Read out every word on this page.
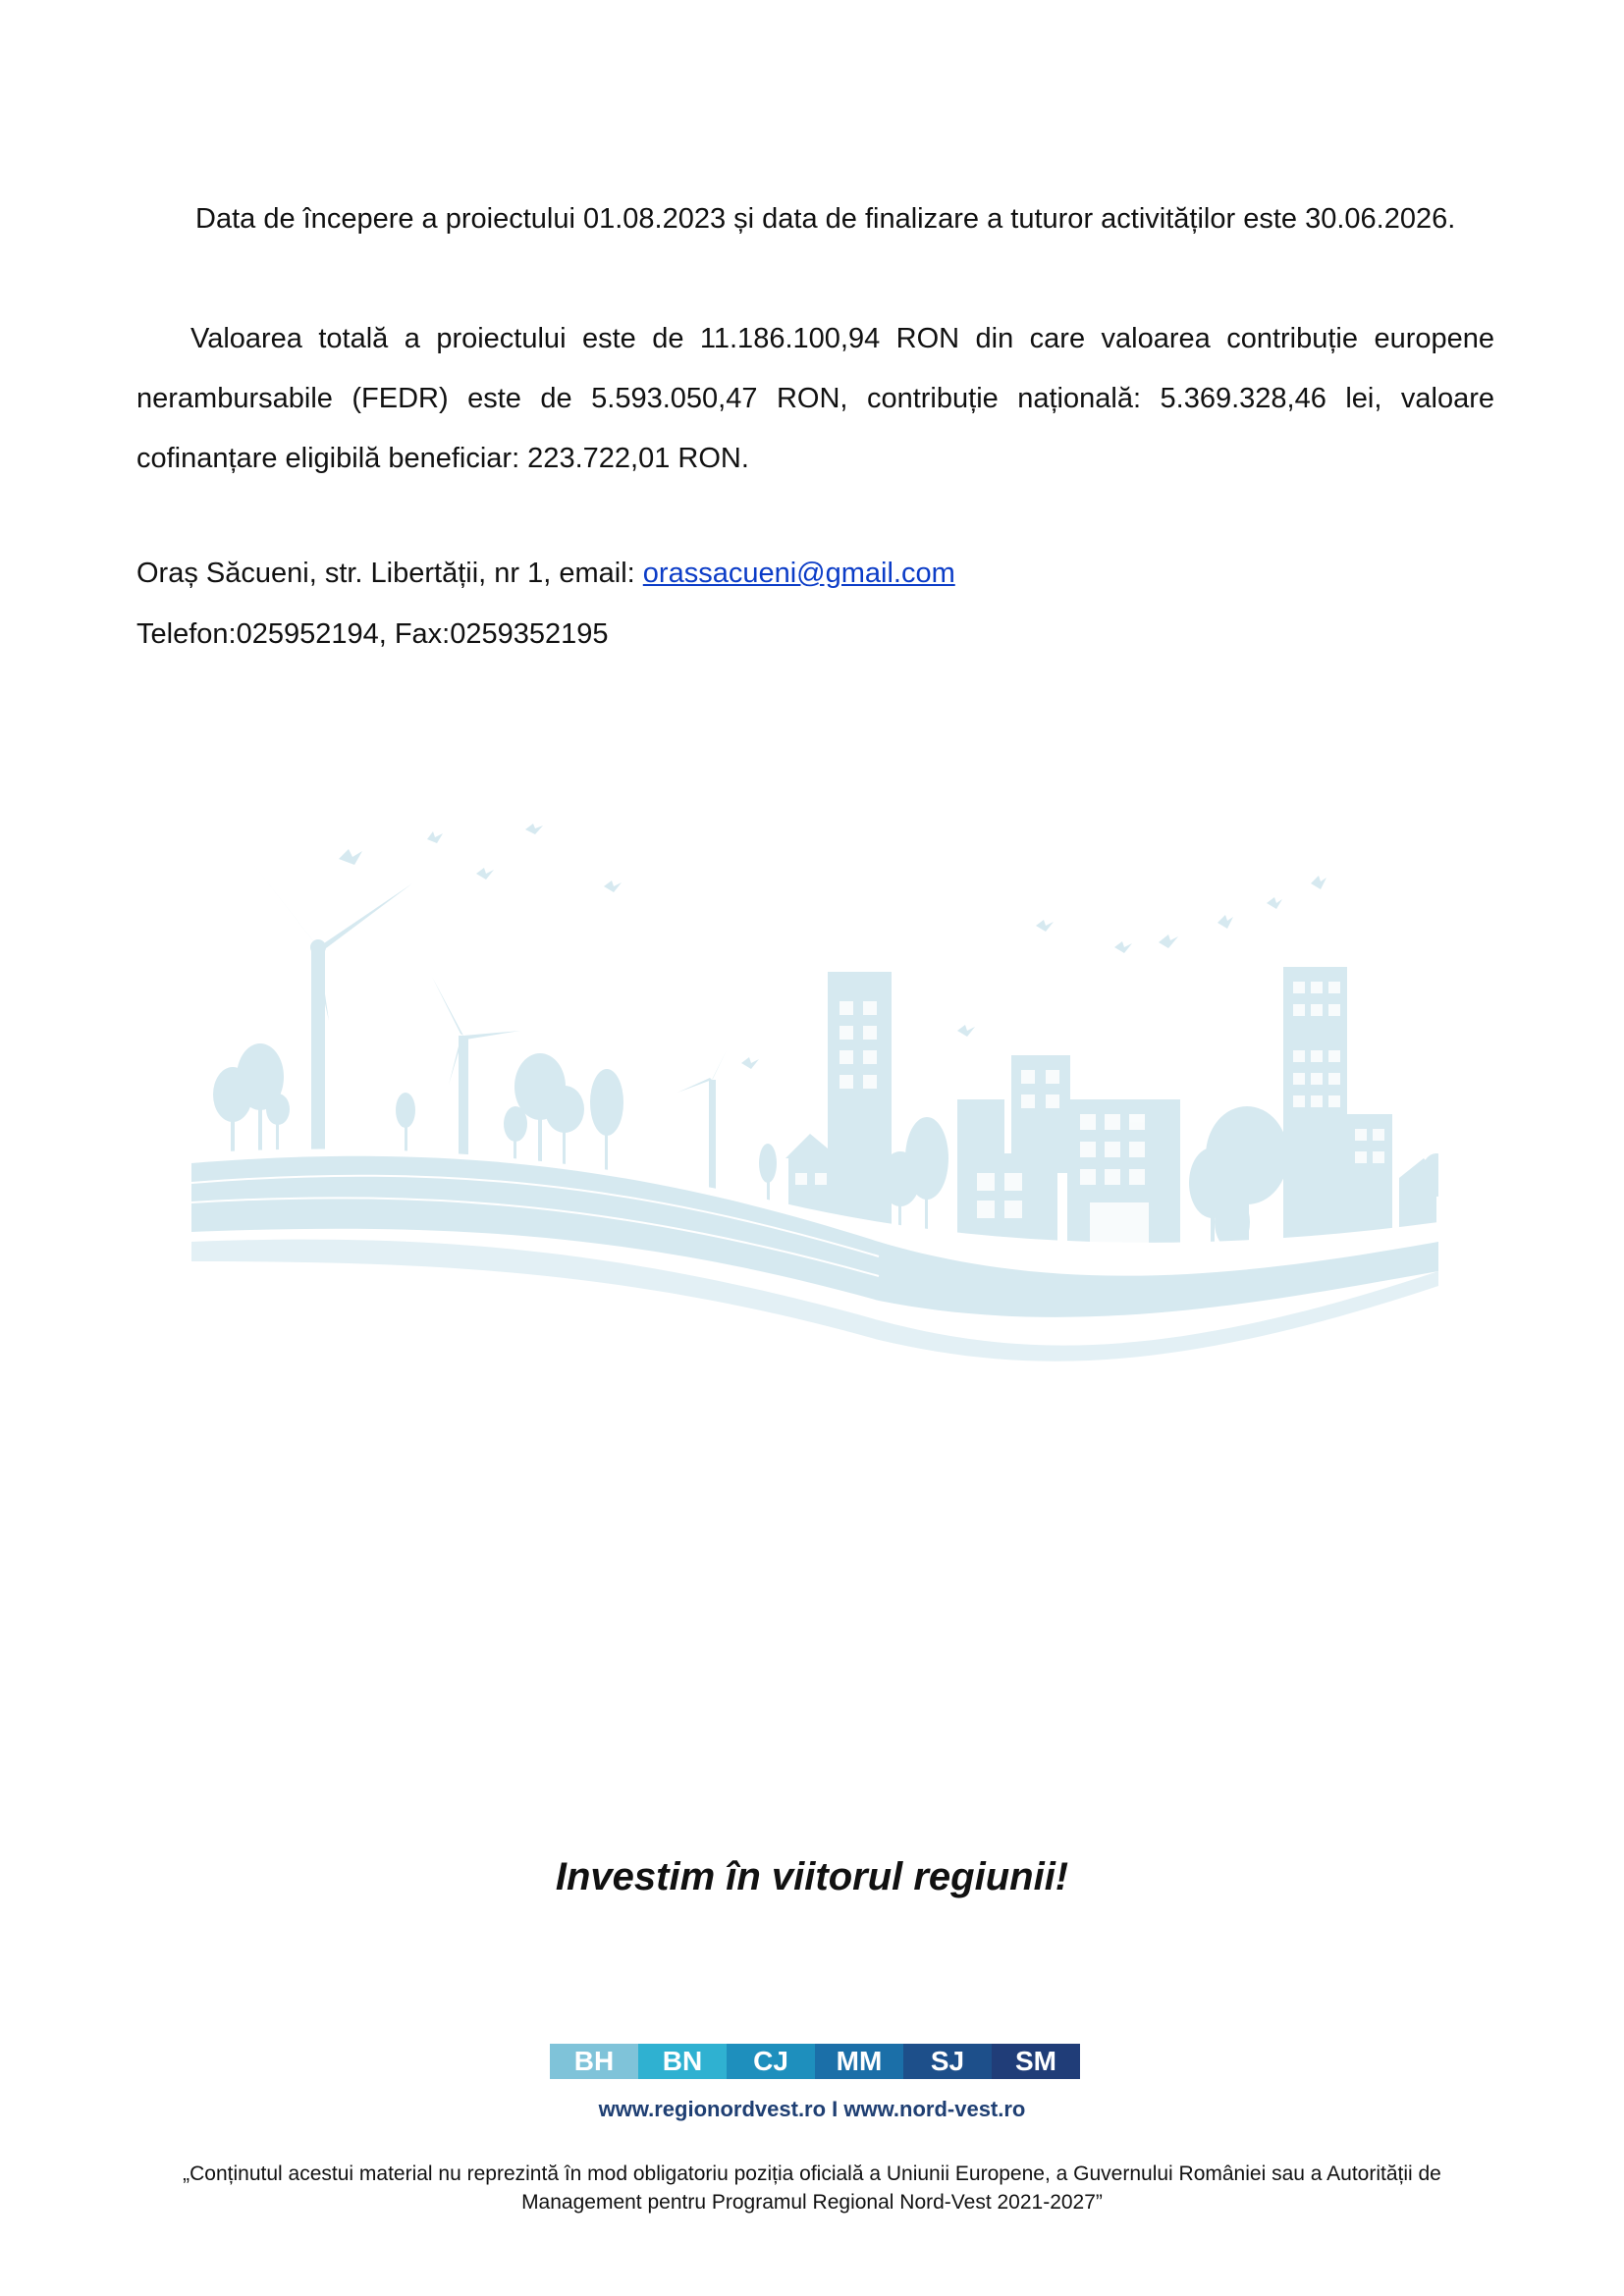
Data de începere a proiectului 01.08.2023 și data de finalizare a tuturor activităților este 30.06.2026.

Valoarea totală a proiectului este de 11.186.100,94 RON din care valoarea contribuție europene nerambursabile (FEDR) este de 5.593.050,47 RON, contribuție națională: 5.369.328,46 lei, valoare cofinanțare eligibilă beneficiar: 223.722,01 RON.

Oraș Săcueni, str. Libertății, nr 1, email: orassacueni@gmail.com

Telefon:025952194, Fax:0259352195

Investim în viitorul regiunii!

BH	BN	CJ	MM	SJ	SM

www.regionordvest.ro I www.nord-vest.ro

„Conținutul acestui material nu reprezintă în mod obligatoriu poziția oficială a Uniunii Europene, a Guvernului României sau a Autorității de Management pentru Programul Regional Nord-Vest 2021-2027”
